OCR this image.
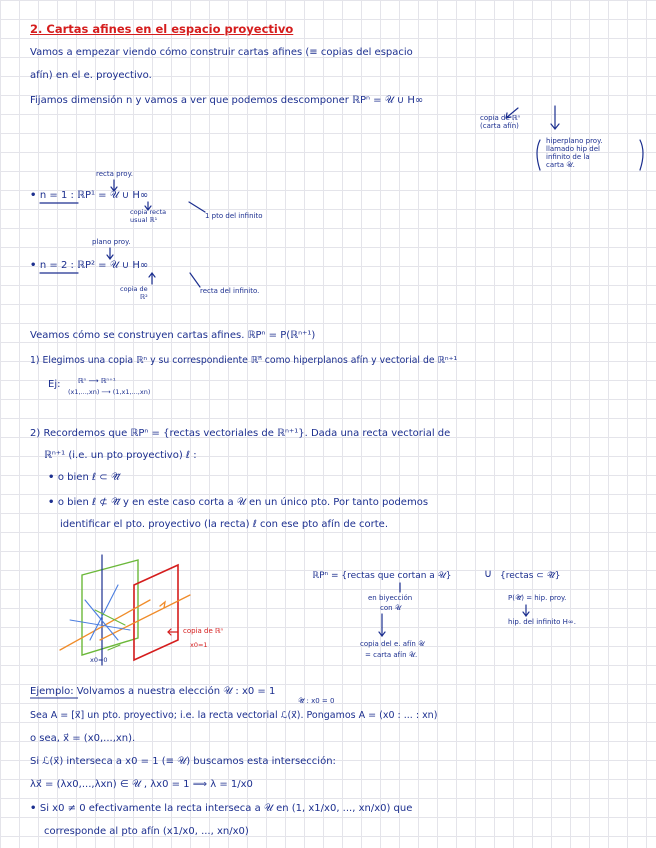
2. Cartas afines en el espacio proyectivo
Vamos a empezar viendo cómo construir cartas afines (≡ copias del espacio
afín) en el e. proyectivo.
Fijamos dimensión n y vamos a ver que podemos descomponer ℝPⁿ = 𝒰 ∪ H∞
copia de ℝⁿ
(carta afín)
hiperplano proy.
llamado hip del
infinito de la
carta 𝒰.
recta proy.
• n = 1 : ℝP¹ = 𝒰 ∪ H∞
copia recta
usual ℝ¹	1 pto del infinito
plano proy.
• n = 2 : ℝP² = 𝒰 ∪ H∞
copia de
ℝ²
recta del infinito.
Veamos cómo se construyen cartas afines. ℝPⁿ = P(ℝⁿ⁺¹)
1) Elegimos una copia ℝⁿ y su correspondiente ℝⁿ⃗ como hiperplanos afín y vectorial de ℝⁿ⁺¹
Ej:	ℝⁿ ⟶ ℝⁿ⁺¹
(x1,...,xn) ⟶ (1,x1,...,xn)
2) Recordemos que ℝPⁿ = {rectas vectoriales de ℝⁿ⁺¹}. Dada una recta vectorial de
ℝⁿ⁺¹ (i.e. un pto proyectivo) ℓ :
• o bien ℓ ⊂ 𝒰⃗
• o bien ℓ ⊄ 𝒰⃗ y en este caso corta a 𝒰 en un único pto. Por tanto podemos
identificar el pto. proyectivo (la recta) ℓ con ese pto afín de corte.
copia de ℝⁿ
x0=1
x0=0
ℝPⁿ = {rectas que cortan a 𝒰}	∪ {rectas ⊂ 𝒰⃗}
en biyección
con 𝒰
copia del e. afín 𝒰
= carta afín 𝒰.
P(𝒰⃗) = hip. proy.
hip. del infinito H∞.
Ejemplo: Volvamos a nuestra elección 𝒰 : x0 = 1
𝒰⃗ : x0 = 0
Sea A = [x⃗] un pto. proyectivo; i.e. la recta vectorial ℒ(x⃗). Pongamos A = (x0 : ... : xn)
o sea, x⃗ = (x0,...,xn).
Si ℒ(x⃗) interseca a x0 = 1 (≡ 𝒰) buscamos esta intersección:
λx⃗ = (λx0,...,λxn) ∈ 𝒰 , λx0 = 1 ⟹ λ = 1/x0
• Si x0 ≠ 0 efectivamente la recta interseca a 𝒰 en (1, x1/x0, ..., xn/x0) que
corresponde al pto afín (x1/x0, ..., xn/x0)
